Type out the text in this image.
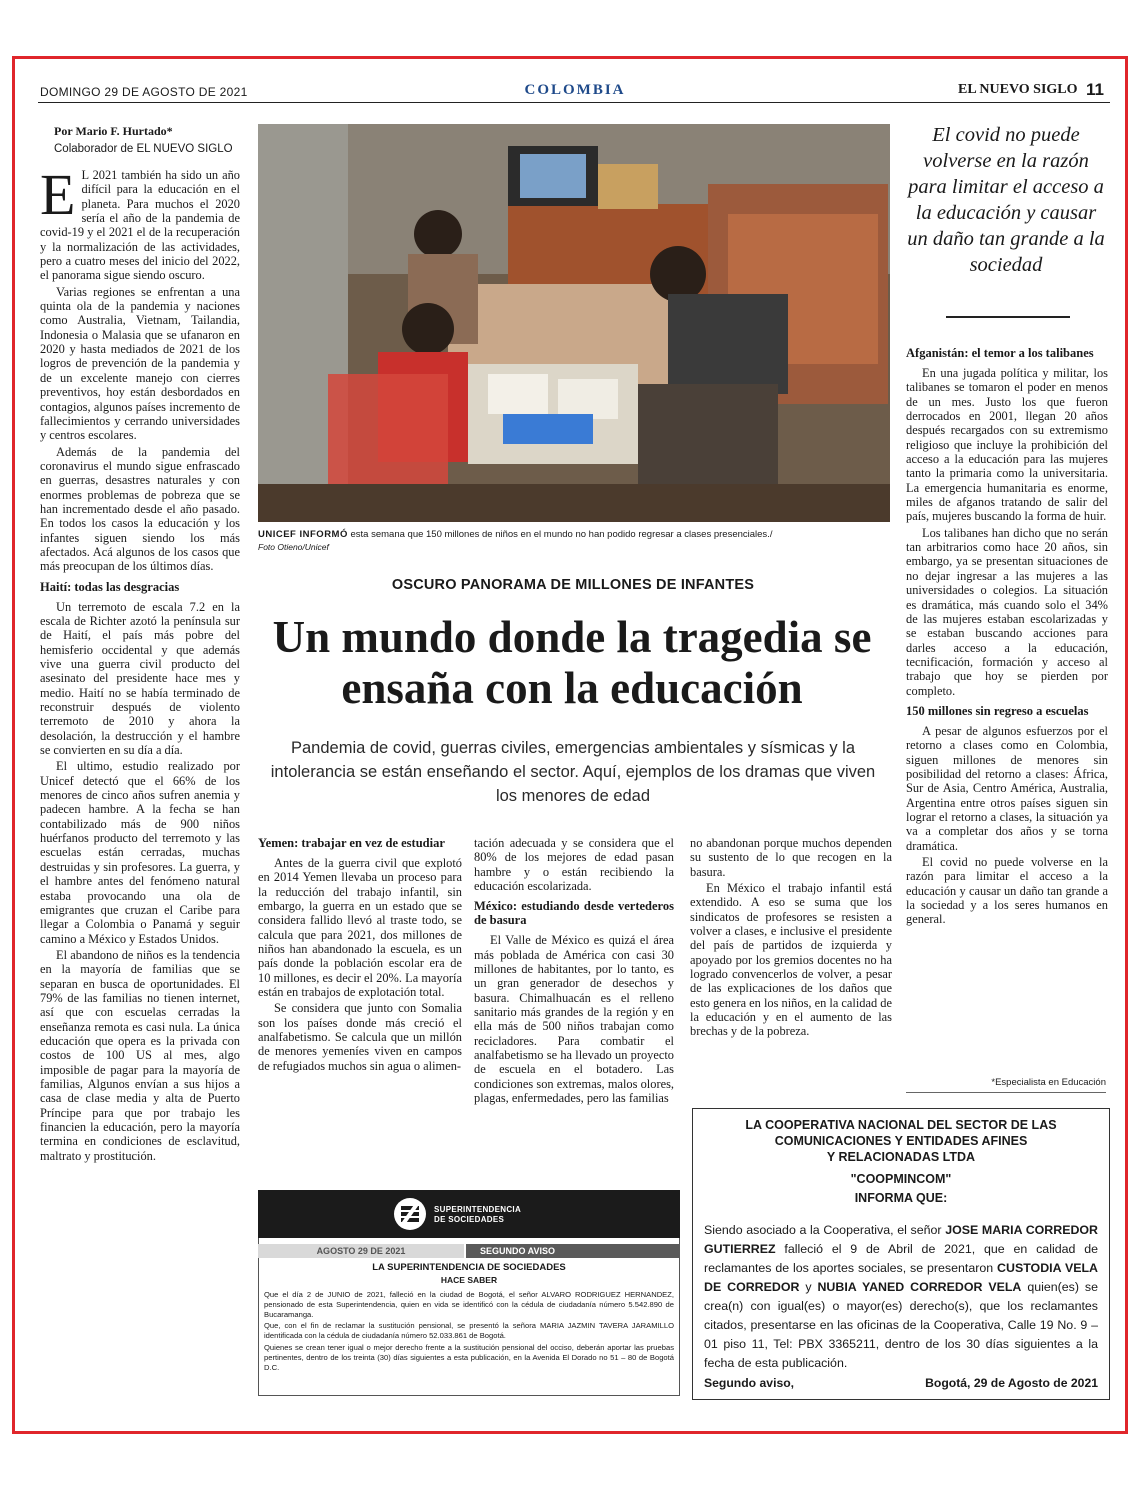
DOMINGO 29 DE AGOSTO DE 2021	COLOMBIA	EL NUEVO SIGLO 11
Por Mario F. Hurtado*
Colaborador de EL NUEVO SIGLO

E L 2021 también ha sido un año difícil para la educación en el planeta. Para muchos el 2020 sería el año de la pandemia de covid-19 y el 2021 el de la recuperación y la normalización de las actividades, pero a cuatro meses del inicio del 2022, el panorama sigue siendo oscuro.

Varias regiones se enfrentan a una quinta ola de la pandemia y naciones como Australia, Vietnam, Tailandia, Indonesia o Malasia que se ufanaron en 2020 y hasta mediados de 2021 de los logros de prevención de la pandemia y de un excelente manejo con cierres preventivos, hoy están desbordados en contagios, algunos países incremento de fallecimientos y cerrando universidades y centros escolares.

Además de la pandemia del coronavirus el mundo sigue enfrascado en guerras, desastres naturales y con enormes problemas de pobreza que se han incrementado desde el año pasado. En todos los casos la educación y los infantes siguen siendo los más afectados. Acá algunos de los casos que más preocupan de los últimos días.

Haití: todas las desgracias

Un terremoto de escala 7.2 en la escala de Richter azotó la península sur de Haití, el país más pobre del hemisferio occidental y que además vive una guerra civil producto del asesinato del presidente hace mes y medio. Haití no se había terminado de reconstruir después de violento terremoto de 2010 y ahora la desolación, la destrucción y el hambre se convierten en su día a día.

El ultimo, estudio realizado por Unicef detectó que el 66% de los menores de cinco años sufren anemia y padecen hambre. A la fecha se han contabilizado más de 900 niños huérfanos producto del terremoto y las escuelas están cerradas, muchas destruidas y sin profesores. La guerra, y el hambre antes del fenómeno natural estaba provocando una ola de emigrantes que cruzan el Caribe para llegar a Colombia o Panamá y seguir camino a México y Estados Unidos.

El abandono de niños es la tendencia en la mayoría de familias que se separan en busca de oportunidades. El 79% de las familias no tienen internet, así que con escuelas cerradas la enseñanza remota es casi nula. La única educación que opera es la privada con costos de 100 US al mes, algo imposible de pagar para la mayoría de familias, Algunos envían a sus hijos a casa de clase media y alta de Puerto Príncipe para que por trabajo les financien la educación, pero la mayoría termina en condiciones de esclavitud, maltrato y prostitución.

UNICEF INFORMÓ esta semana que 150 millones de niños en el mundo no han podido regresar a clases presenciales./
Foto Otieno/Unicef
OSCURO PANORAMA DE MILLONES DE INFANTES
Un mundo donde la tragedia se ensaña con la educación
Pandemia de covid, guerras civiles, emergencias ambientales y sísmicas y la intolerancia se están enseñando el sector. Aquí, ejemplos de los dramas que viven los menores de edad
Yemen: trabajar en vez de estudiar

Antes de la guerra civil que explotó en 2014 Yemen llevaba un proceso para la reducción del trabajo infantil, sin embargo, la guerra en un estado que se considera fallido llevó al traste todo, se calcula que para 2021, dos millones de niños han abandonado la escuela, es un país donde la población escolar era de 10 millones, es decir el 20%. La mayoría están en trabajos de explotación total.

Se considera que junto con Somalia son los países donde más creció el analfabetismo. Se calcula que un millón de menores yemeníes viven en campos de refugiados muchos sin agua o alimen-

tación adecuada y se considera que el 80% de los mejores de edad pasan hambre y o están recibiendo la educación escolarizada.

México: estudiando desde vertederos de basura

El Valle de México es quizá el área más poblada de América con casi 30 millones de habitantes, por lo tanto, es un gran generador de desechos y basura. Chimalhuacán es el relleno sanitario más grandes de la región y en ella más de 500 niños trabajan como recicladores. Para combatir el analfabetismo se ha llevado un proyecto de escuela en el botadero. Las condiciones son extremas, malos olores, plagas, enfermedades, pero las familias

no abandonan porque muchos dependen su sustento de lo que recogen en la basura.

En México el trabajo infantil está extendido. A eso se suma que los sindicatos de profesores se resisten a volver a clases, e inclusive el presidente del país de partidos de izquierda y apoyado por los gremios docentes no ha logrado convencerlos de volver, a pesar de las explicaciones de los daños que esto genera en los niños, en la calidad de la educación y en el aumento de las brechas y de la pobreza.

El covid no puede volverse en la razón para limitar el acceso a la educación y causar un daño tan grande a la sociedad
Afganistán: el temor a los talibanes

En una jugada política y militar, los talibanes se tomaron el poder en menos de un mes. Justo los que fueron derrocados en 2001, llegan 20 años después recargados con su extremismo religioso que incluye la prohibición del acceso a la educación para las mujeres tanto la primaria como la universitaria. La emergencia humanitaria es enorme, miles de afganos tratando de salir del país, mujeres buscando la forma de huir.

Los talibanes han dicho que no serán tan arbitrarios como hace 20 años, sin embargo, ya se presentan situaciones de no dejar ingresar a las mujeres a las universidades o colegios. La situación es dramática, más cuando solo el 34% de las mujeres estaban escolarizadas y se estaban buscando acciones para darles acceso a la educación, tecnificación, formación y acceso al trabajo que hoy se pierden por completo.

150 millones sin regreso a escuelas

A pesar de algunos esfuerzos por el retorno a clases como en Colombia, siguen millones de menores sin posibilidad del retorno a clases: África, Sur de Asia, Centro América, Australia, Argentina entre otros países siguen sin lograr el retorno a clases, la situación ya va a completar dos años y se torna dramática.

El covid no puede volverse en la razón para limitar el acceso a la educación y causar un daño tan grande a la sociedad y a los seres humanos en general.

*Especialista en Educación
SUPERINTENDENCIA
DE SOCIEDADES
AGOSTO 29 DE 2021	SEGUNDO AVISO
LA SUPERINTENDENCIA DE SOCIEDADES
HACE SABER

Que el día 2 de JUNIO de 2021, falleció en la ciudad de Bogotá, el señor ALVARO RODRIGUEZ HERNANDEZ, pensionado de esta Superintendencia, quien en vida se identificó con la cédula de ciudadanía número 5.542.890 de Bucaramanga.

Que, con el fin de reclamar la sustitución pensional, se presentó la señora MARIA JAZMIN TAVERA JARAMILLO identificada con la cédula de ciudadanía número 52.033.861 de Bogotá.

Quienes se crean tener igual o mejor derecho frente a la sustitución pensional del occiso, deberán aportar las pruebas pertinentes, dentro de los treinta (30) días siguientes a esta publicación, en la Avenida El Dorado no 51 – 80 de Bogotá D.C.

LA COOPERATIVA NACIONAL DEL SECTOR DE LAS
COMUNICACIONES Y ENTIDADES AFINES
Y RELACIONADAS LTDA
"COOPMINCOM"
INFORMA QUE:
Siendo asociado a la Cooperativa, el señor JOSE MARIA CORREDOR GUTIERREZ falleció el 9 de Abril de 2021, que en calidad de reclamantes de los aportes sociales, se presentaron CUSTODIA VELA DE CORREDOR y NUBIA YANED CORREDOR VELA quien(es) se crea(n) con igual(es) o mayor(es) derecho(s), que los reclamantes citados, presentarse en las oficinas de la Cooperativa, Calle 19 No. 9 – 01 piso 11, Tel: PBX 3365211, dentro de los 30 días siguientes a la fecha de esta publicación.
Segundo aviso,	Bogotá, 29 de Agosto de 2021
